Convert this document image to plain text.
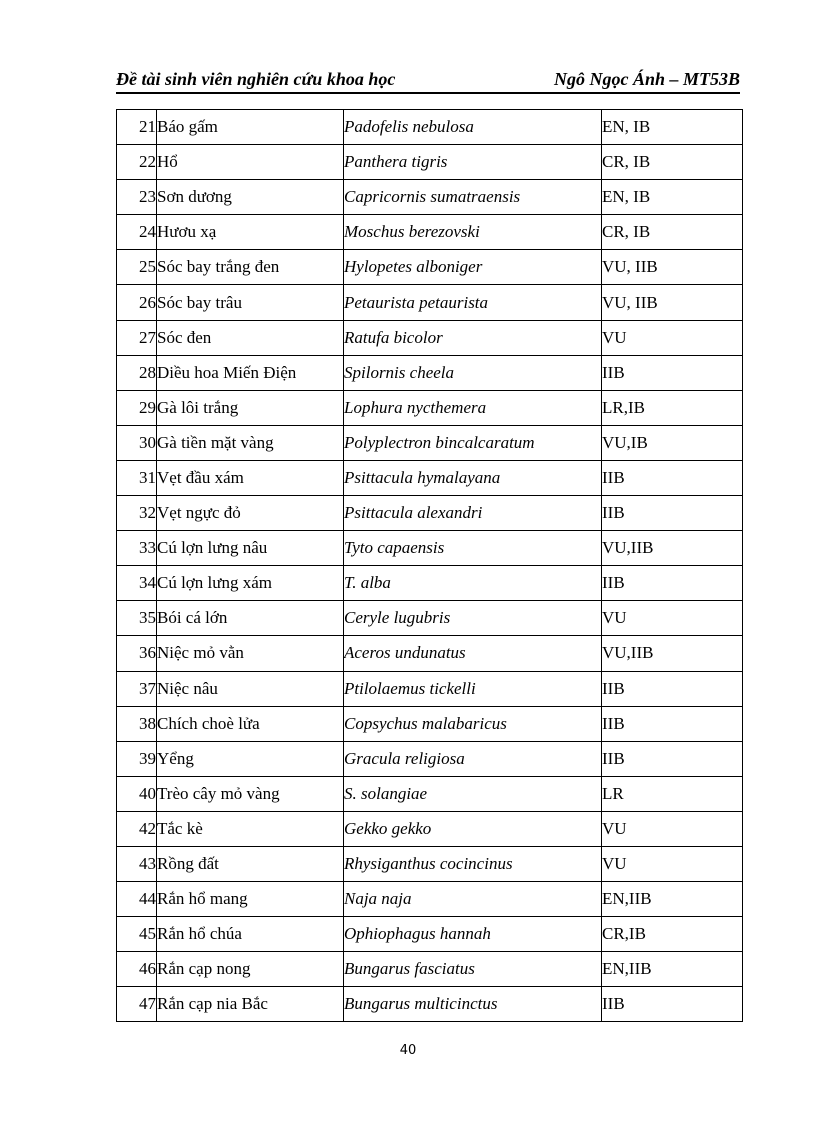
Đề tài sinh viên nghiên cứu khoa học	Ngô Ngọc Ánh – MT53B
21	Báo gấm	Padofelis nebulosa	EN, IB
22	Hổ	Panthera tigris	CR, IB
23	Sơn dương	Capricornis sumatraensis	EN, IB
24	Hươu xạ	Moschus berezovski	CR, IB
25	Sóc bay trắng đen	Hylopetes alboniger	VU, IIB
26	Sóc bay trâu	Petaurista petaurista	VU, IIB
27	Sóc đen	Ratufa bicolor	VU
28	Diều hoa Miến Điện	Spilornis cheela	IIB
29	Gà lôi trắng	Lophura nycthemera	LR,IB
30	Gà tiền mặt vàng	Polyplectron bincalcaratum	VU,IB
31	Vẹt đầu xám	Psittacula hymalayana	IIB
32	Vẹt ngực đỏ	Psittacula alexandri	IIB
33	Cú lợn lưng nâu	Tyto capaensis	VU,IIB
34	Cú lợn lưng xám	T. alba	IIB
35	Bói cá lớn	Ceryle lugubris	VU
36	Niệc mỏ vằn	Aceros undunatus	VU,IIB
37	Niệc nâu	Ptilolaemus tickelli	IIB
38	Chích choè lửa	Copsychus malabaricus	IIB
39	Yểng	Gracula religiosa	IIB
40	Trèo cây mỏ vàng	S. solangiae	LR
42	Tắc kè	Gekko gekko	VU
43	Rồng đất	Rhysiganthus cocincinus	VU
44	Rắn hổ mang	Naja naja	EN,IIB
45	Rắn hổ chúa	Ophiophagus hannah	CR,IB
46	Rắn cạp nong	Bungarus fasciatus	EN,IIB
47	Rắn cạp nia Bắc	Bungarus multicinctus	IIB
40
